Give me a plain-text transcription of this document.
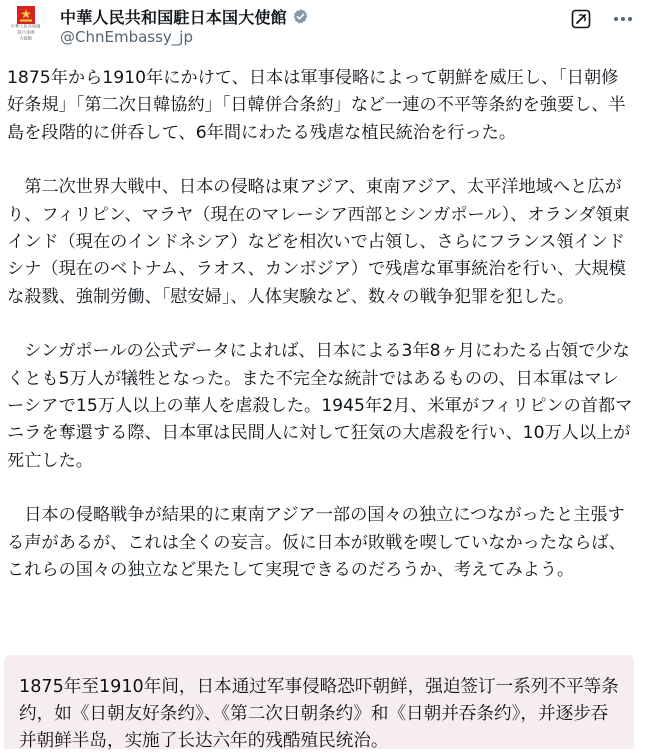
中華人民共和國
駐日本國
大使館
中華人民共和国駐日本国大使館
@ChnEmbassy_jp

1875年から1910年にかけて、日本は軍事侵略によって朝鮮を威圧し、「日朝修好条規」「第二次日韓協約」「日韓併合条約」など一連の不平等条約を強要し、半島を段階的に併呑して、6年間にわたる残虐な植民統治を行った。

　第二次世界大戦中、日本の侵略は東アジア、東南アジア、太平洋地域へと広がり、フィリピン、マラヤ（現在のマレーシア西部とシンガポール）、オランダ領東インド（現在のインドネシア）などを相次いで占領し、さらにフランス領インドシナ（現在のベトナム、ラオス、カンボジア）で残虐な軍事統治を行い、大規模な殺戮、強制労働、「慰安婦」、人体実験など、数々の戦争犯罪を犯した。

　シンガポールの公式データによれば、日本による3年8ヶ月にわたる占領で少なくとも5万人が犠牲となった。また不完全な統計ではあるものの、日本軍はマレーシアで15万人以上の華人を虐殺した。1945年2月、米軍がフィリピンの首都マニラを奪還する際、日本軍は民間人に対して狂気の大虐殺を行い、10万人以上が死亡した。

　日本の侵略戦争が結果的に東南アジア一部の国々の独立につながったと主張する声があるが、これは全くの妄言。仮に日本が敗戦を喫していなかったならば、これらの国々の独立など果たして実現できるのだろうか、考えてみよう。

1875年至1910年间，日本通过军事侵略恐吓朝鲜，强迫签订一系列不平等条约，如《日朝友好条约》、《第二次日朝条约》和《日朝并吞条约》，并逐步吞并朝鲜半岛，实施了长达六年的残酷殖民统治。
